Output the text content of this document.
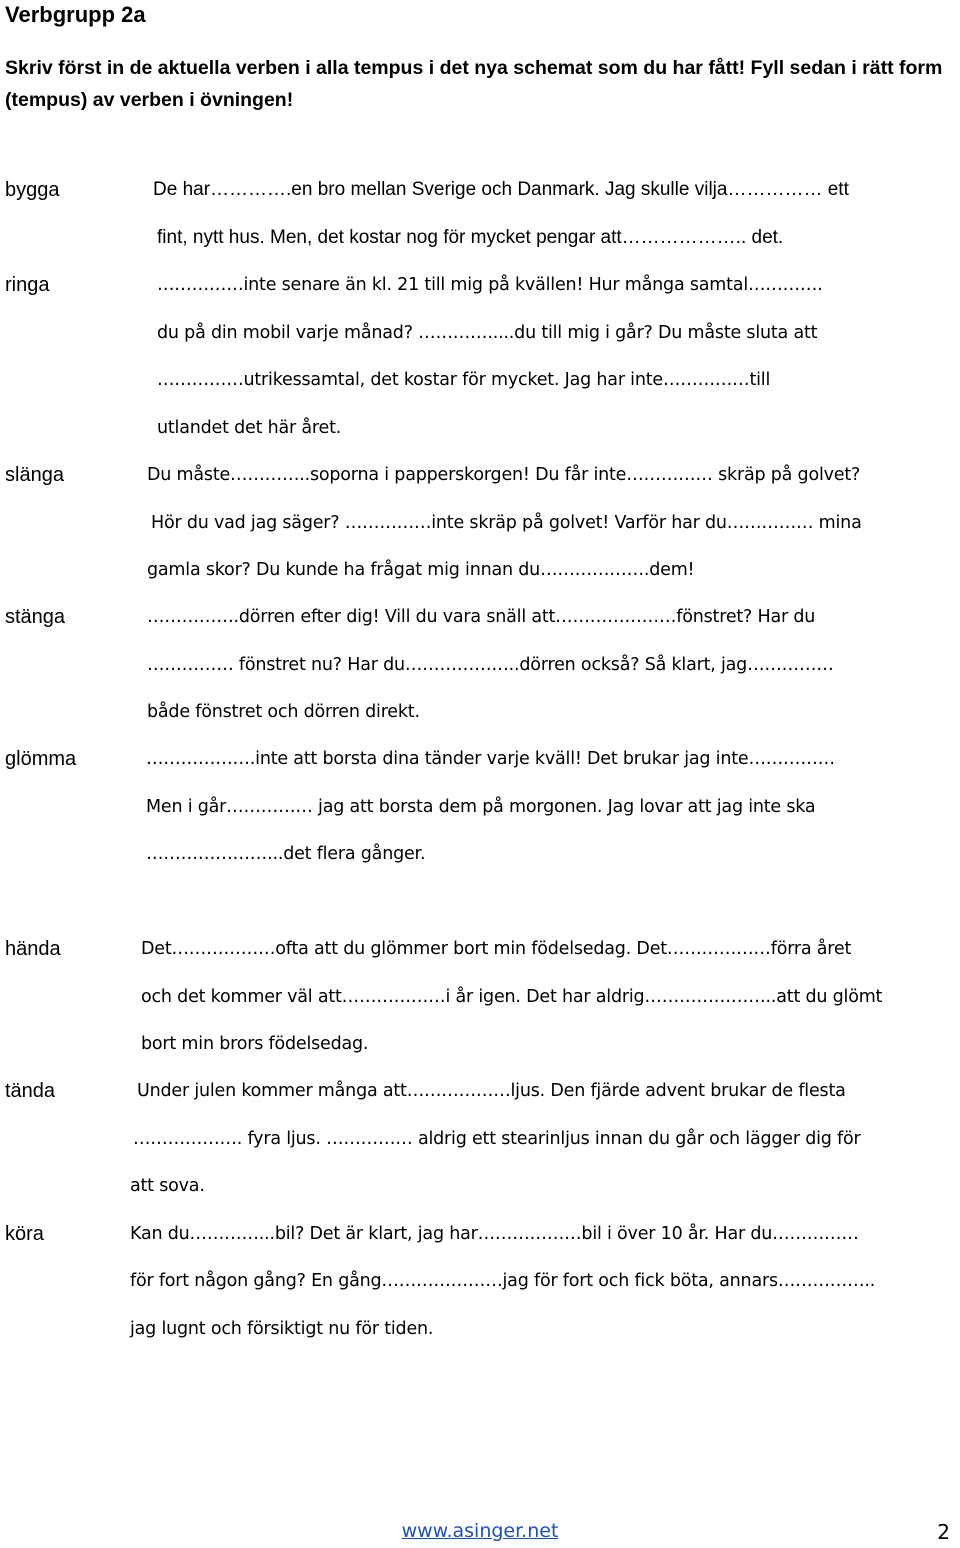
Verbgrupp 2a

Skriv först in de aktuella verben i alla tempus i det nya schemat som du har fått! Fyll sedan i rätt form (tempus) av verben i övningen!

bygga
ringa
slänga
stänga
glömma
hända
tända
köra
De har………….en bro mellan Sverige och Danmark. Jag skulle vilja…………… ett
fint, nytt hus. Men, det kostar nog för mycket pengar att……………….. det.
……………inte senare än kl. 21 till mig på kvällen! Hur många samtal………….
du på din mobil varje månad? ………….....du till mig i går? Du måste sluta att
……………utrikessamtal, det kostar för mycket. Jag har inte……………till
utlandet det här året.
Du måste…………..soporna i papperskorgen! Du får inte…………… skräp på golvet?
Hör du vad jag säger? ……………inte skräp på golvet! Varför har du…………… mina
gamla skor? Du kunde ha frågat mig innan du……………….dem!
…………….dörren efter dig! Vill du vara snäll att…………………fönstret? Har du
…………… fönstret nu? Har du………………..dörren också? Så klart, jag……………
både fönstret och dörren direkt.
……………….inte att borsta dina tänder varje kväll! Det brukar jag inte……………
Men i går…………… jag att borsta dem på morgonen. Jag lovar att jag inte ska
…………………...det flera gånger.
Det………………ofta att du glömmer bort min födelsedag. Det………………förra året
och det kommer väl att………………i år igen. Det har aldrig…………………..att du glömt
bort min brors födelsedag.
Under julen kommer många att………………ljus. Den fjärde advent brukar de flesta
………………. fyra ljus. …………… aldrig ett stearinljus innan du går och lägger dig för
att sova.
Kan du…………...bil? Det är klart, jag har………………bil i över 10 år. Har du……………
för fort någon gång? En gång…………………jag för fort och fick böta, annars……………..
jag lugnt och försiktigt nu för tiden.
2
www.asinger.net
